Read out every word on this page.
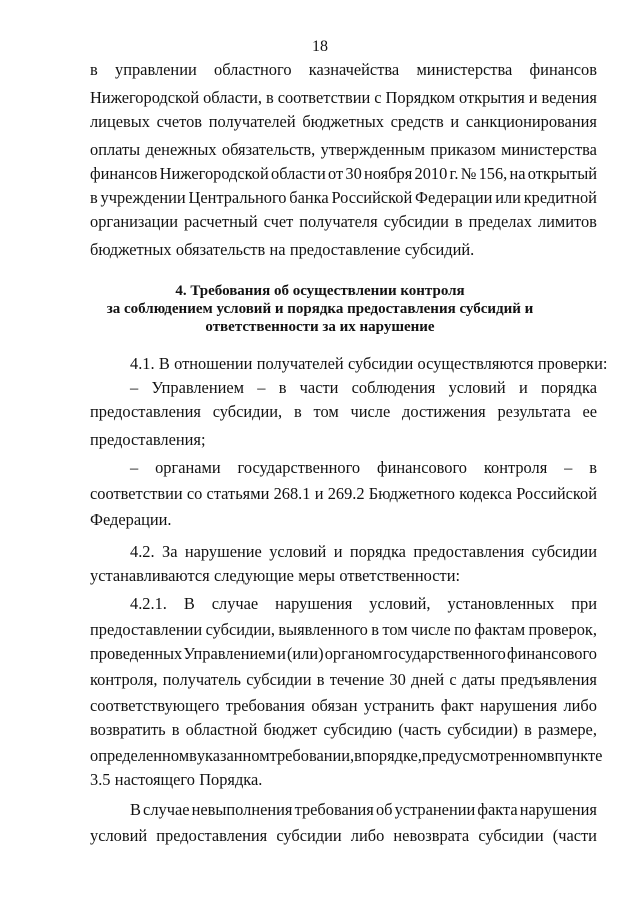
18
в управлении областного казначейства министерства финансов
Нижегородской области, в соответствии с Порядком открытия и ведения
лицевых счетов получателей бюджетных средств и санкционирования
оплаты денежных обязательств, утвержденным приказом министерства
финансов Нижегородской области от 30 ноября 2010 г. № 156, на открытый
в учреждении Центрального банка Российской Федерации или кредитной
организации расчетный счет получателя субсидии в пределах лимитов
бюджетных обязательств на предоставление субсидий.
4.1. В отношении получателей субсидии осуществляются проверки:
– Управлением – в части соблюдения условий и порядка
предоставления субсидии, в том числе достижения результата ее
предоставления;
– органами государственного финансового контроля – в
соответствии со статьями 268.1 и 269.2 Бюджетного кодекса Российской
Федерации.
4.2. За нарушение условий и порядка предоставления субсидии
устанавливаются следующие меры ответственности:
4.2.1. В случае нарушения условий, установленных при
предоставлении субсидии, выявленного в том числе по фактам проверок,
проведенных Управлением и (или) органом государственного финансового
контроля, получатель субсидии в течение 30 дней с даты предъявления
соответствующего требования обязан устранить факт нарушения либо
возвратить в областной бюджет субсидию (часть субсидии) в размере,
определенном в указанном требовании, в порядке, предусмотренном в пункте
3.5 настоящего Порядка.
В случае невыполнения требования об устранении факта нарушения
условий предоставления субсидии либо невозврата субсидии (части
4. Требования об осуществлении контроля
за соблюдением условий и порядка предоставления субсидий и
ответственности за их нарушение
